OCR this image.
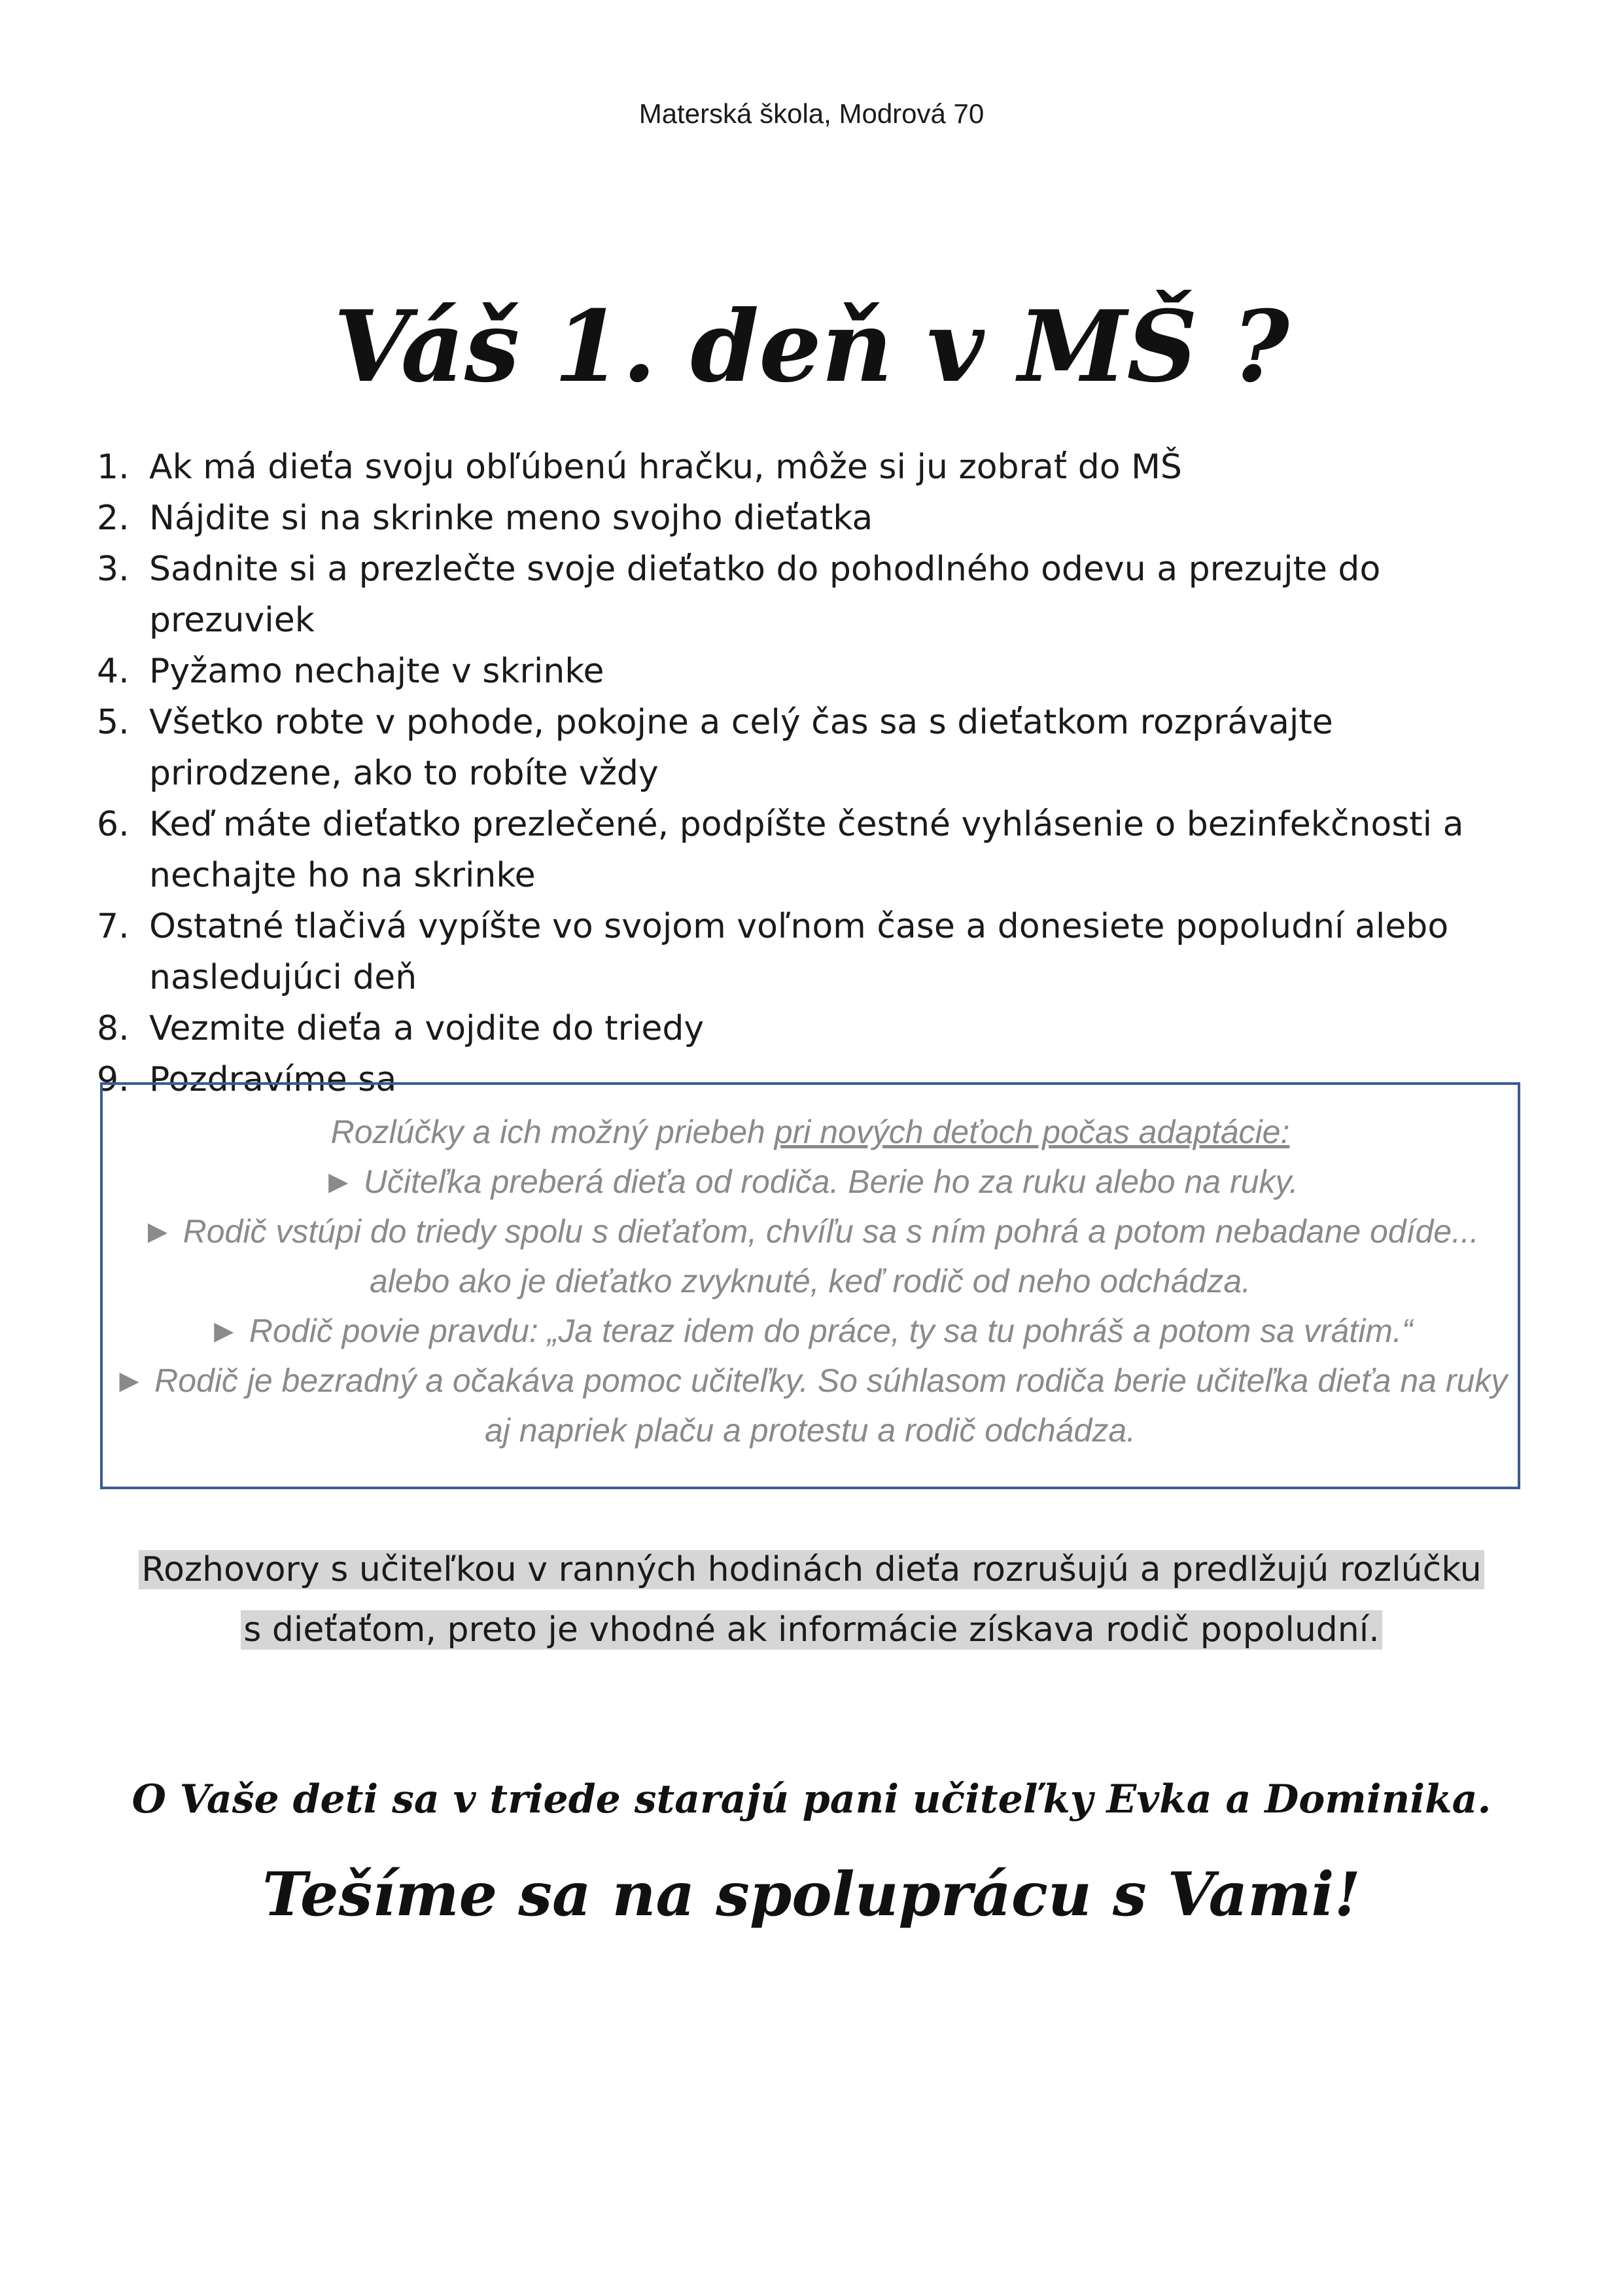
Materská škola, Modrová 70
Váš 1. deň v MŠ ?
1. Ak má dieťa svoju obľúbenú hračku, môže si ju zobrať do MŠ
2. Nájdite si na skrinke meno svojho dieťatka
3. Sadnite si a prezlečte svoje dieťatko do pohodlného odevu a prezujte do prezuviek
4. Pyžamo nechajte v skrinke
5. Všetko robte v pohode, pokojne a celý čas sa s dieťatkom rozprávajte prirodzene, ako to robíte vždy
6. Keď máte dieťatko prezlečené, podpíšte čestné vyhlásenie o bezinfekčnosti a nechajte ho na skrinke
7. Ostatné tlačivá vypíšte vo svojom voľnom čase a donesiete popoludní alebo nasledujúci deň
8. Vezmite dieťa a vojdite do triedy
9. Pozdravíme sa

Rozlúčky a ich možný priebeh pri nových deťoch počas adaptácie:

► Učiteľka preberá dieťa od rodiča. Berie ho za ruku alebo na ruky.

► Rodič vstúpi do triedy spolu s dieťaťom, chvíľu sa s ním pohrá a potom nebadane odíde... alebo ako je dieťatko zvyknuté, keď rodič od neho odchádza.

► Rodič povie pravdu: „Ja teraz idem do práce, ty sa tu pohráš a potom sa vrátim.“

► Rodič je bezradný a očakáva pomoc učiteľky. So súhlasom rodiča berie učiteľka dieťa na ruky aj napriek plaču a protestu a rodič odchádza.

Rozhovory s učiteľkou v ranných hodinách dieťa rozrušujú a predlžujú rozlúčku
s dieťaťom, preto je vhodné ak informácie získava rodič popoludní.
O Vaše deti sa v triede starajú pani učiteľky Evka a Dominika.
Tešíme sa na spoluprácu s Vami!
